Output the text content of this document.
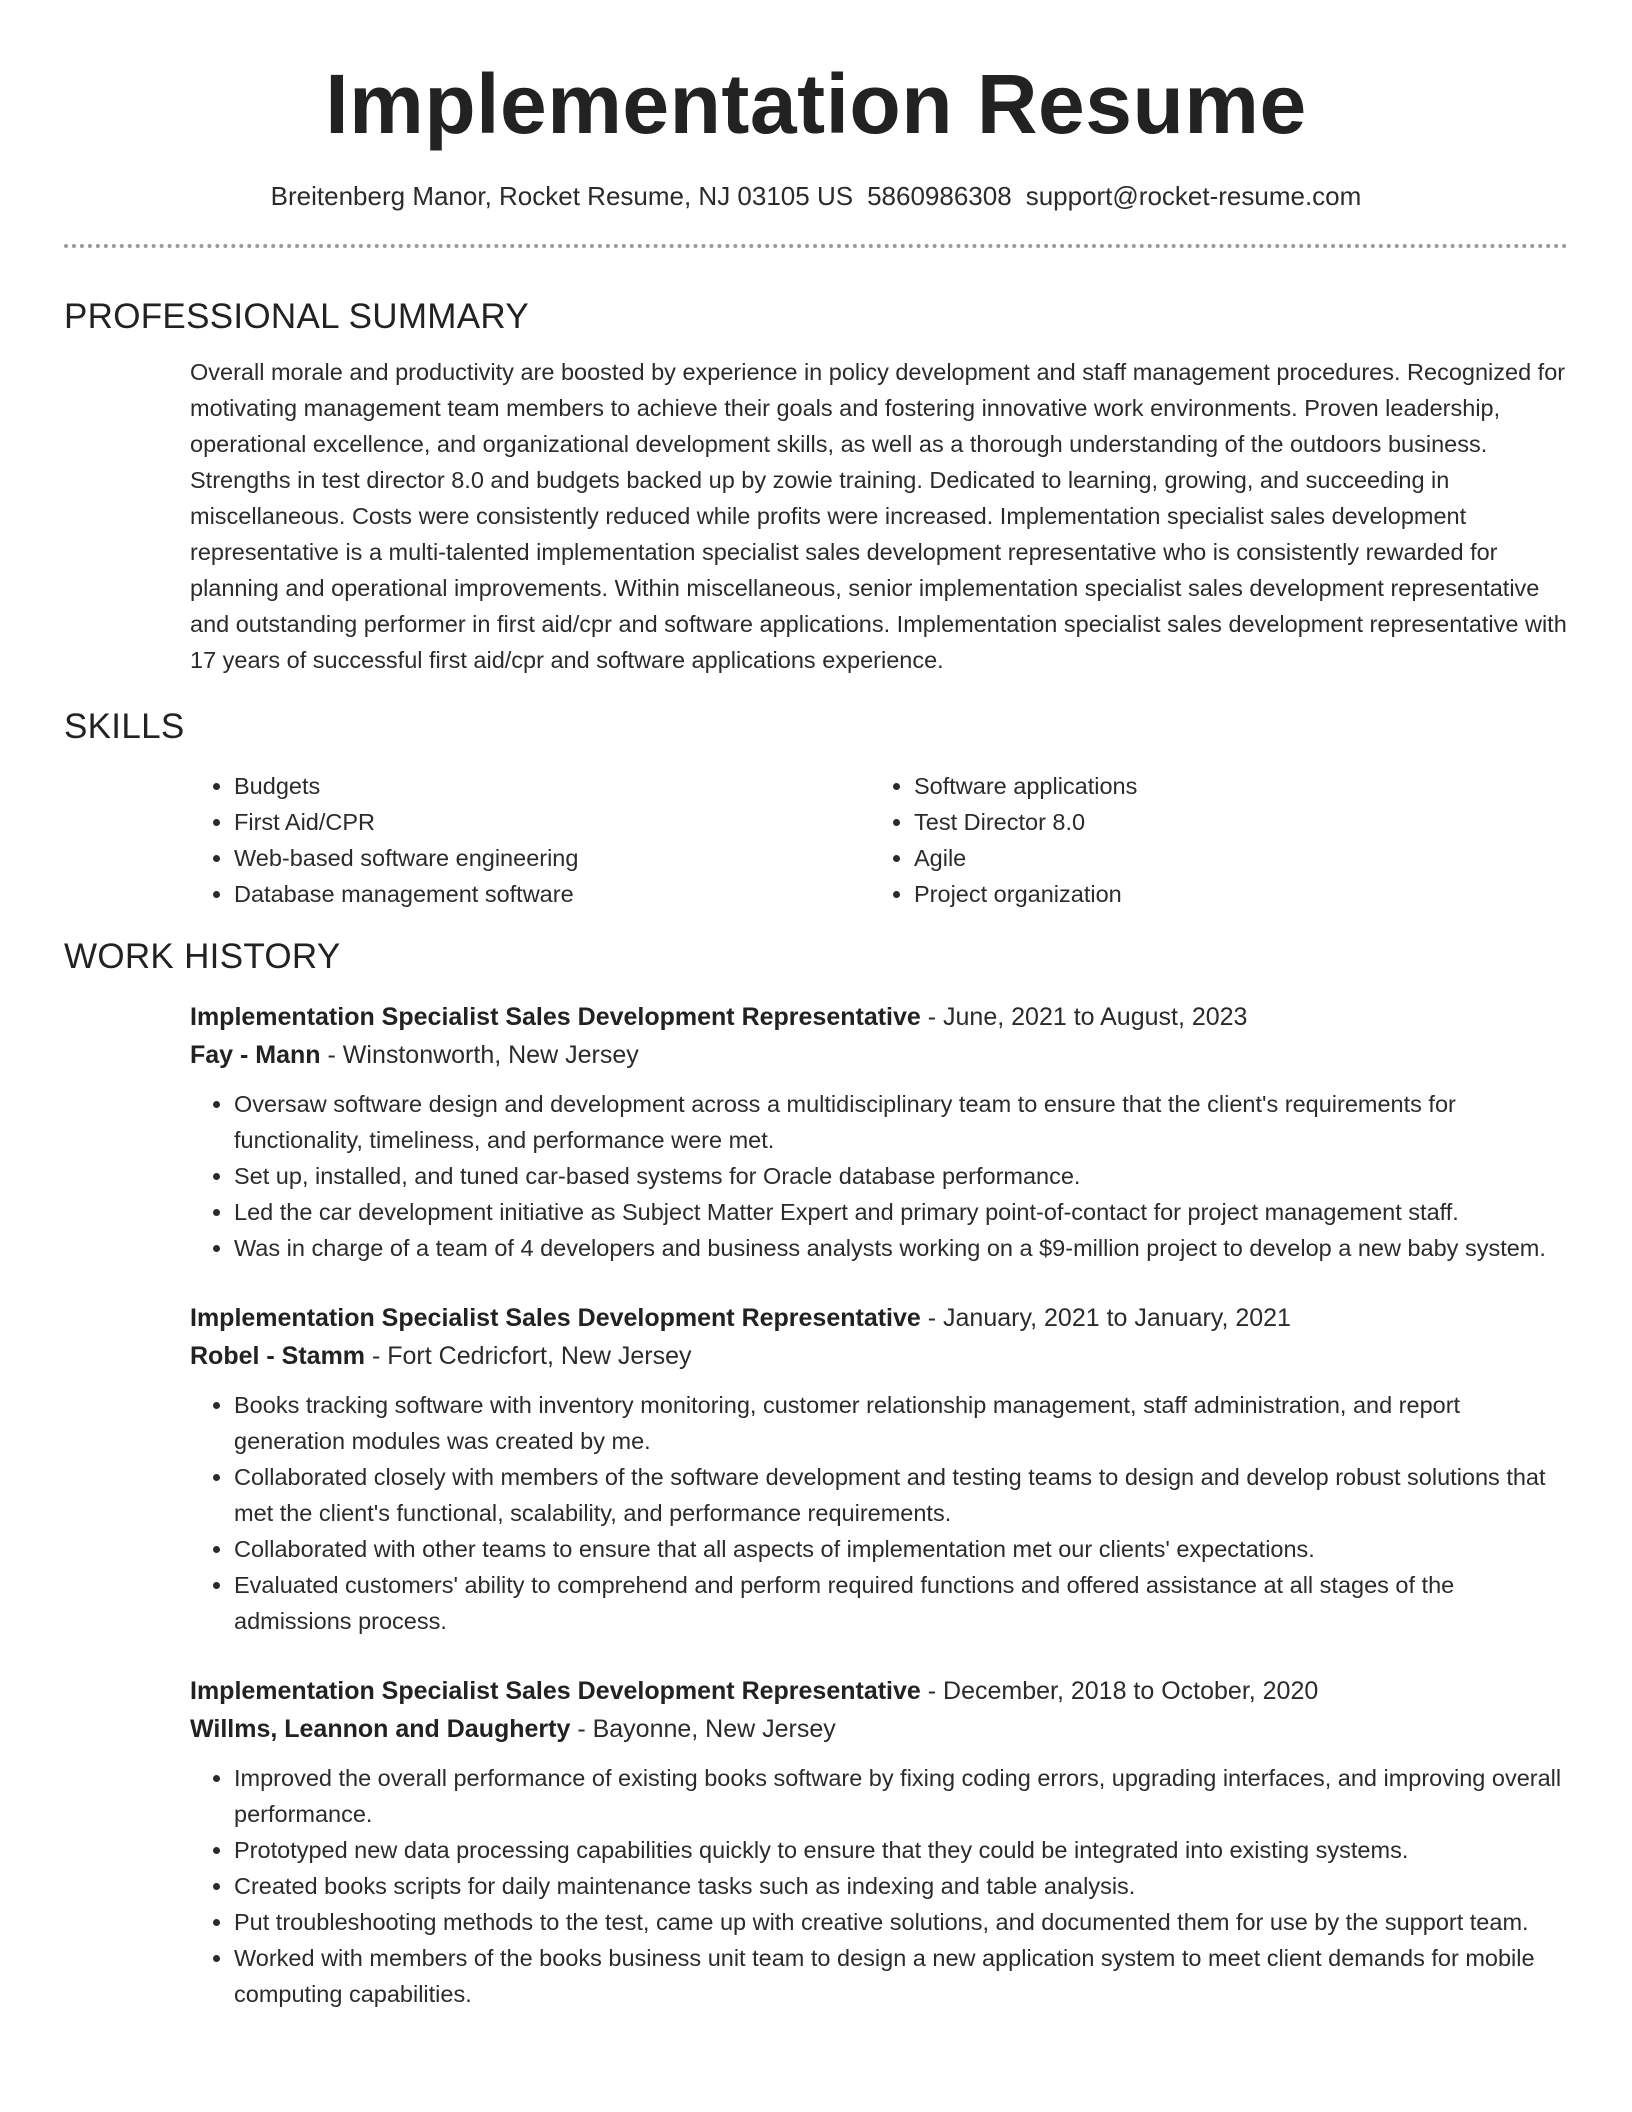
Implementation Resume
Breitenberg Manor, Rocket Resume, NJ 03105 US 5860986308 support@rocket-resume.com
PROFESSIONAL SUMMARY
Overall morale and productivity are boosted by experience in policy development and staff management procedures. Recognized for motivating management team members to achieve their goals and fostering innovative work environments. Proven leadership, operational excellence, and organizational development skills, as well as a thorough understanding of the outdoors business. Strengths in test director 8.0 and budgets backed up by zowie training. Dedicated to learning, growing, and succeeding in miscellaneous. Costs were consistently reduced while profits were increased. Implementation specialist sales development representative is a multi-talented implementation specialist sales development representative who is consistently rewarded for planning and operational improvements. Within miscellaneous, senior implementation specialist sales development representative and outstanding performer in first aid/cpr and software applications. Implementation specialist sales development representative with 17 years of successful first aid/cpr and software applications experience.
SKILLS
• Budgets
• First Aid/CPR
• Web-based software engineering
• Database management software
• Software applications
• Test Director 8.0
• Agile
• Project organization
WORK HISTORY
Implementation Specialist Sales Development Representative - June, 2021 to August, 2023
Fay - Mann - Winstonworth, New Jersey
• Oversaw software design and development across a multidisciplinary team to ensure that the client's requirements for functionality, timeliness, and performance were met.
• Set up, installed, and tuned car-based systems for Oracle database performance.
• Led the car development initiative as Subject Matter Expert and primary point-of-contact for project management staff.
• Was in charge of a team of 4 developers and business analysts working on a $9-million project to develop a new baby system.
Implementation Specialist Sales Development Representative - January, 2021 to January, 2021
Robel - Stamm - Fort Cedricfort, New Jersey
• Books tracking software with inventory monitoring, customer relationship management, staff administration, and report generation modules was created by me.
• Collaborated closely with members of the software development and testing teams to design and develop robust solutions that met the client's functional, scalability, and performance requirements.
• Collaborated with other teams to ensure that all aspects of implementation met our clients' expectations.
• Evaluated customers' ability to comprehend and perform required functions and offered assistance at all stages of the admissions process.
Implementation Specialist Sales Development Representative - December, 2018 to October, 2020
Willms, Leannon and Daugherty - Bayonne, New Jersey
• Improved the overall performance of existing books software by fixing coding errors, upgrading interfaces, and improving overall performance.
• Prototyped new data processing capabilities quickly to ensure that they could be integrated into existing systems.
• Created books scripts for daily maintenance tasks such as indexing and table analysis.
• Put troubleshooting methods to the test, came up with creative solutions, and documented them for use by the support team.
• Worked with members of the books business unit team to design a new application system to meet client demands for mobile computing capabilities.
